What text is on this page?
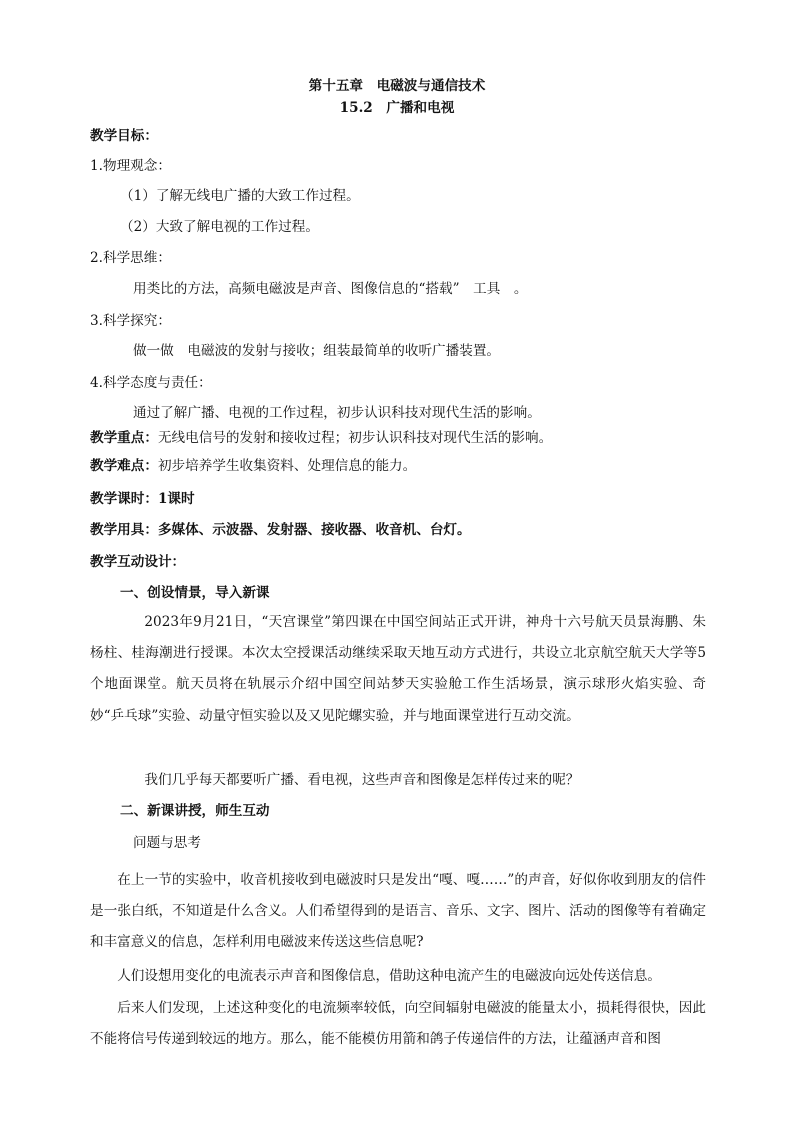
第十五章　电磁波与通信技术
15.2　广播和电视
教学目标：
1.物理观念：
（1）了解无线电广播的大致工作过程。
（2）大致了解电视的工作过程。
2.科学思维：
用类比的方法，高频电磁波是声音、图像信息的“搭载”　工具　。
3.科学探究：
做一做　电磁波的发射与接收；组装最简单的收听广播装置。
4.科学态度与责任：
通过了解广播、电视的工作过程，初步认识科技对现代生活的影响。
教学重点：无线电信号的发射和接收过程；初步认识科技对现代生活的影响。
教学难点：初步培养学生收集资料、处理信息的能力。
教学课时：1课时
教学用具：多媒体、示波器、发射器、接收器、收音机、台灯。
教学互动设计：
一、创设情景，导入新课
2023年9月21日，“天宫课堂”第四课在中国空间站正式开讲，神舟十六号航天员景海鹏、朱杨柱、桂海潮进行授课。本次太空授课活动继续采取天地互动方式进行，共设立北京航空航天大学等5个地面课堂。航天员将在轨展示介绍中国空间站梦天实验舱工作生活场景，演示球形火焰实验、奇妙“乒乓球”实验、动量守恒实验以及又见陀螺实验，并与地面课堂进行互动交流。
我们几乎每天都要听广播、看电视，这些声音和图像是怎样传过来的呢？
二、新课讲授，师生互动
问题与思考
在上一节的实验中，收音机接收到电磁波时只是发出“嘎、嘎……”的声音，好似你收到朋友的信件是一张白纸，不知道是什么含义。人们希望得到的是语言、音乐、文字、图片、活动的图像等有着确定和丰富意义的信息，怎样利用电磁波来传送这些信息呢?
人们设想用变化的电流表示声音和图像信息，借助这种电流产生的电磁波向远处传送信息。
后来人们发现，上述这种变化的电流频率较低，向空间辐射电磁波的能量太小，损耗得很快，因此不能将信号传递到较远的地方。那么，能不能模仿用箭和鸽子传递信件的方法，让蕴涵声音和图
